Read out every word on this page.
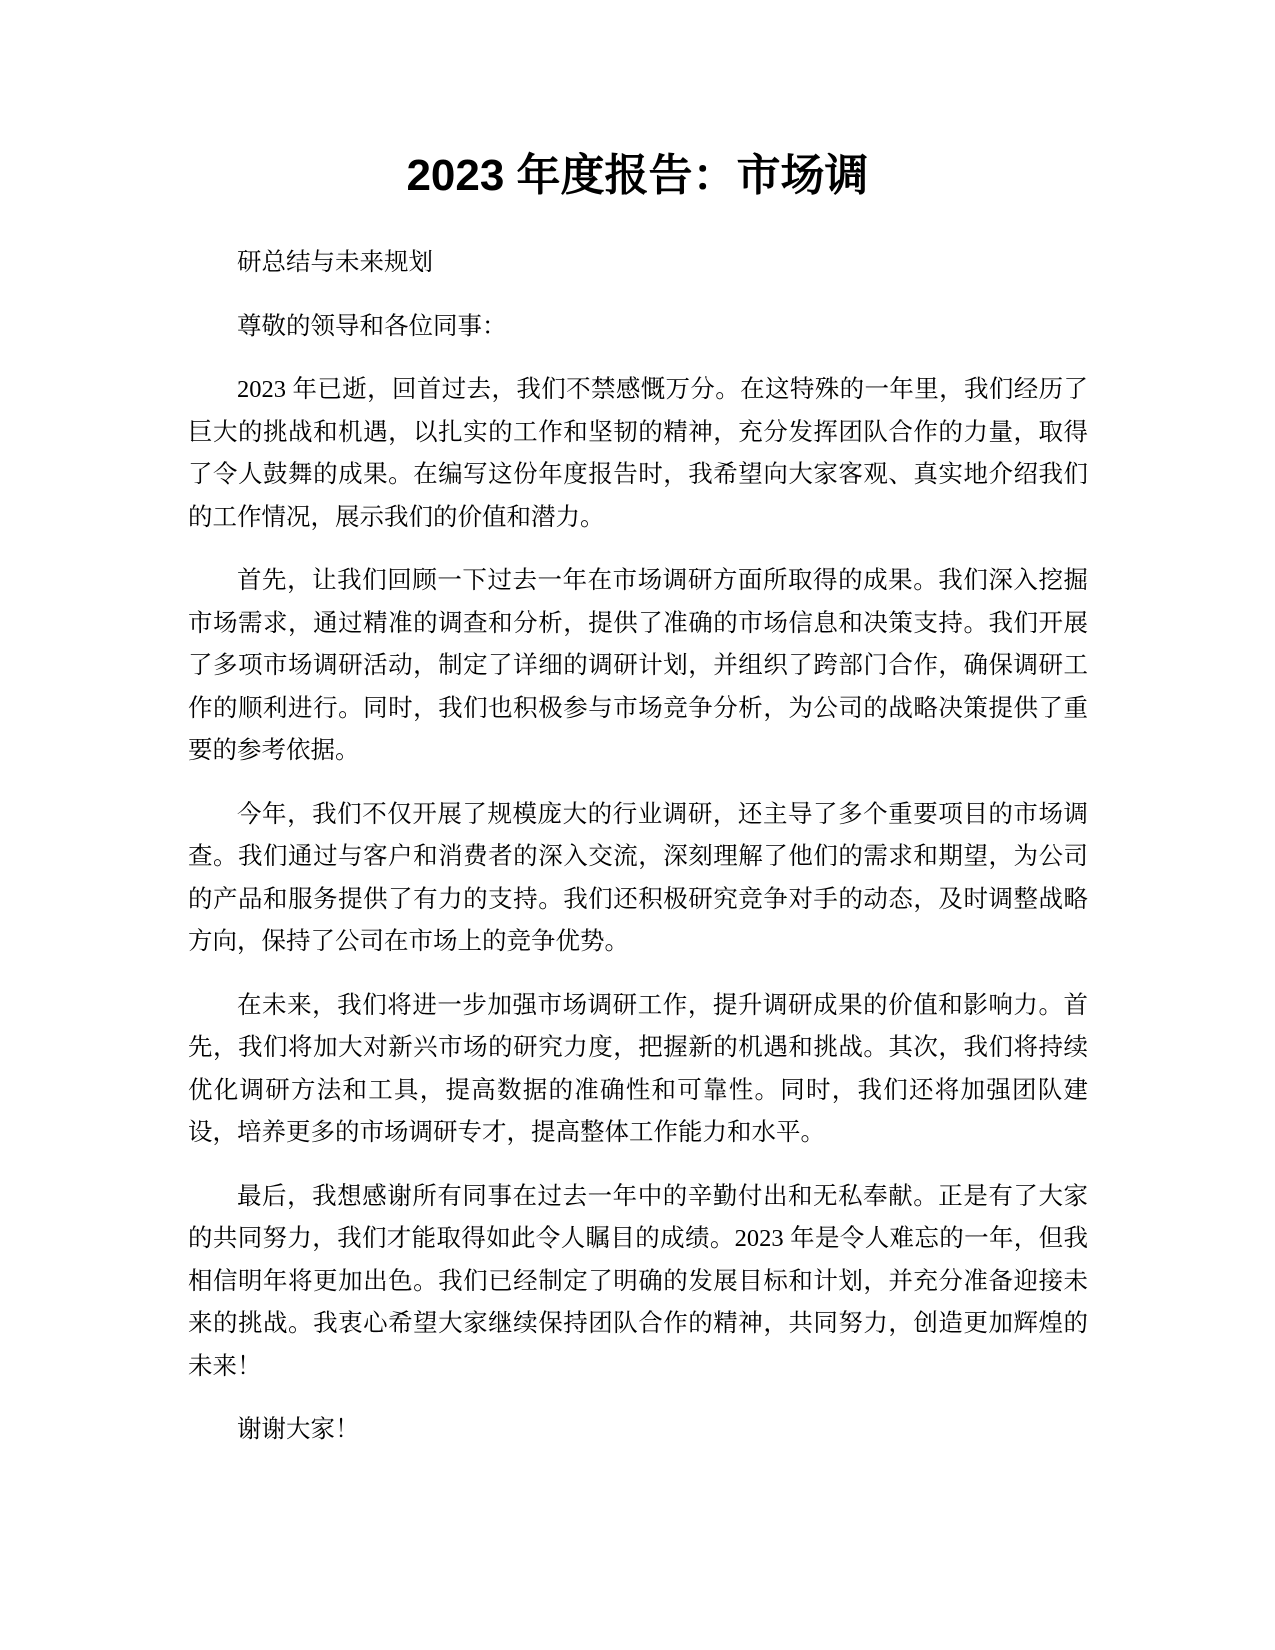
2023 年度报告：市场调

研总结与未来规划

尊敬的领导和各位同事：

2023 年已逝，回首过去，我们不禁感慨万分。在这特殊的一年里，我们经历了巨大的挑战和机遇，以扎实的工作和坚韧的精神，充分发挥团队合作的力量，取得了令人鼓舞的成果。在编写这份年度报告时，我希望向大家客观、真实地介绍我们的工作情况，展示我们的价值和潜力。

首先，让我们回顾一下过去一年在市场调研方面所取得的成果。我们深入挖掘市场需求，通过精准的调查和分析，提供了准确的市场信息和决策支持。我们开展了多项市场调研活动，制定了详细的调研计划，并组织了跨部门合作，确保调研工作的顺利进行。同时，我们也积极参与市场竞争分析，为公司的战略决策提供了重要的参考依据。

今年，我们不仅开展了规模庞大的行业调研，还主导了多个重要项目的市场调查。我们通过与客户和消费者的深入交流，深刻理解了他们的需求和期望，为公司的产品和服务提供了有力的支持。我们还积极研究竞争对手的动态，及时调整战略方向，保持了公司在市场上的竞争优势。

在未来，我们将进一步加强市场调研工作，提升调研成果的价值和影响力。首先，我们将加大对新兴市场的研究力度，把握新的机遇和挑战。其次，我们将持续优化调研方法和工具，提高数据的准确性和可靠性。同时，我们还将加强团队建设，培养更多的市场调研专才，提高整体工作能力和水平。

最后，我想感谢所有同事在过去一年中的辛勤付出和无私奉献。正是有了大家的共同努力，我们才能取得如此令人瞩目的成绩。2023 年是令人难忘的一年，但我相信明年将更加出色。我们已经制定了明确的发展目标和计划，并充分准备迎接未来的挑战。我衷心希望大家继续保持团队合作的精神，共同努力，创造更加辉煌的未来！

谢谢大家！
